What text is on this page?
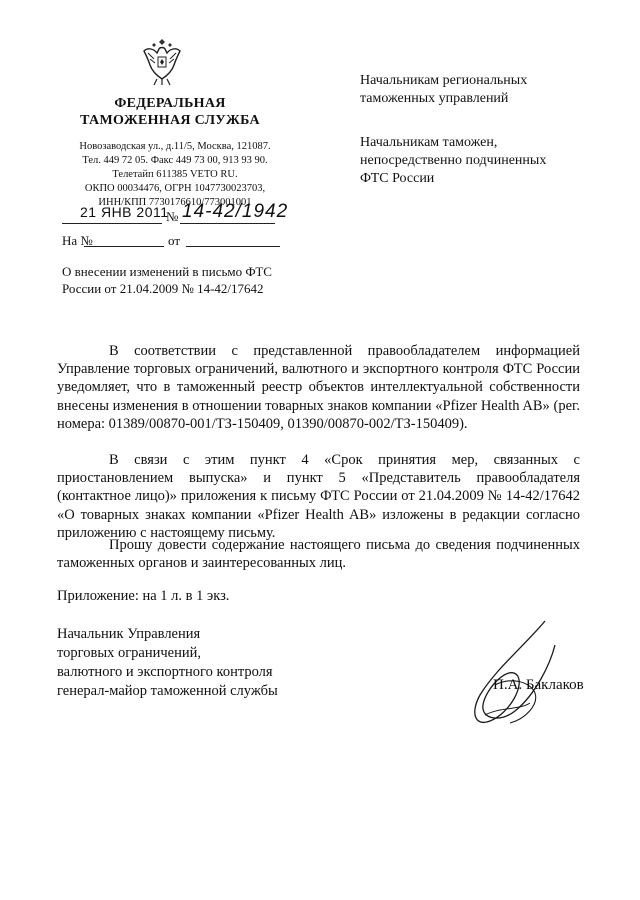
ФЕДЕРАЛЬНАЯ
ТАМОЖЕННАЯ СЛУЖБА
Новозаводская ул., д.11/5, Москва, 121087.
Тел. 449 72 05. Факс 449 73 00, 913 93 90.
Телетайп 611385 VETO RU.
ОКПО 00034476, ОГРН 1047730023703,
ИНН/КПП 7730176610/773001001
21 ЯНВ 2011
№ 14-42/1942
На №	от
О внесении изменений в письмо ФТС
России от 21.04.2009 № 14-42/17642
Начальникам региональных
таможенных управлений
Начальникам таможен,
непосредственно подчиненных
ФТС России
В соответствии с представленной правообладателем информацией Управление торговых ограничений, валютного и экспортного контроля ФТС России уведомляет, что в таможенный реестр объектов интеллектуальной собственности внесены изменения в отношении товарных знаков компании «Pfizer Health AB» (рег. номера: 01389/00870-001/ТЗ-150409, 01390/00870-002/ТЗ-150409).
В связи с этим пункт 4 «Срок принятия мер, связанных с приостановлением выпуска» и пункт 5 «Представитель правообладателя (контактное лицо)» приложения к письму ФТС России от 21.04.2009 № 14-42/17642 «О товарных знаках компании «Pfizer Health AB» изложены в редакции согласно приложению с настоящему письму.
Прошу довести содержание настоящего письма до сведения подчиненных таможенных органов и заинтересованных лиц.
Приложение: на 1 л. в 1 экз.
Начальник Управления
торговых ограничений,
валютного и экспортного контроля
генерал-майор таможенной службы	П.А. Баклаков
